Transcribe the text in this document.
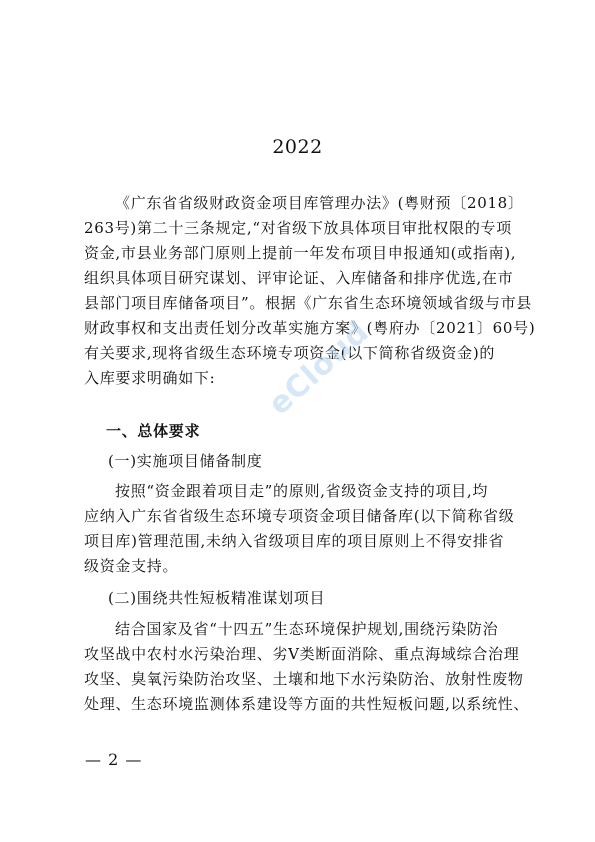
2022
《广东省省级财政资金项目库管理办法》(粤财预〔2018〕
263号)第二十三条规定,“对省级下放具体项目审批权限的专项
资金,市县业务部门原则上提前一年发布项目申报通知(或指南),
组织具体项目研究谋划、评审论证、入库储备和排序优选,在市
县部门项目库储备项目”。根据《广东省生态环境领域省级与市县
财政事权和支出责任划分改革实施方案》(粤府办〔2021〕60号)
有关要求,现将省级生态环境专项资金(以下简称省级资金)的
入库要求明确如下:
一、总体要求
(一)实施项目储备制度
按照“资金跟着项目走”的原则,省级资金支持的项目,均
应纳入广东省省级生态环境专项资金项目储备库(以下简称省级
项目库)管理范围,未纳入省级项目库的项目原则上不得安排省
级资金支持。
(二)围绕共性短板精准谋划项目
结合国家及省“十四五”生态环境保护规划,围绕污染防治
攻坚战中农村水污染治理、劣V类断面消除、重点海域综合治理
攻坚、臭氧污染防治攻坚、土壤和地下水污染防治、放射性废物
处理、生态环境监测体系建设等方面的共性短板问题,以系统性、
eCloud
— 2 —
